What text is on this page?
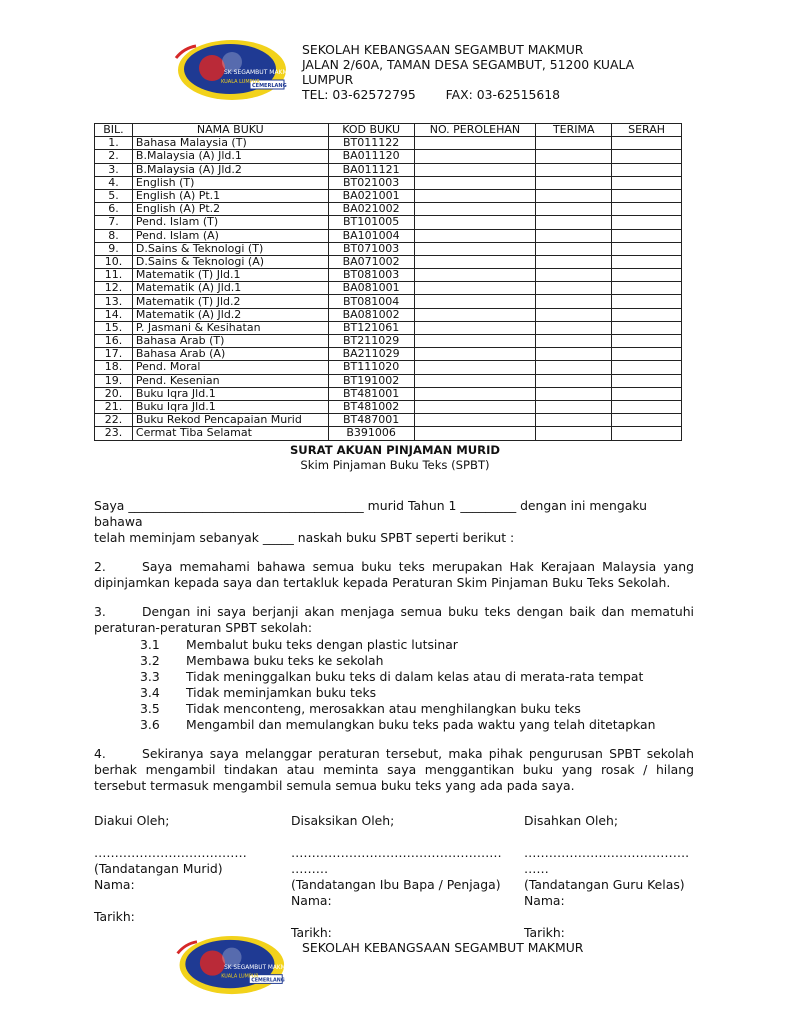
SK SEGAMBUT MAKMUR
KUALA LUMPUR
CEMERLANG
SEKOLAH KEBANGSAAN SEGAMBUT MAKMUR
JALAN 2/60A, TAMAN DESA SEGAMBUT, 51200 KUALA
LUMPUR
TEL: 03-62572795 FAX: 03-62515618
BIL.	NAMA BUKU	KOD BUKU	NO. PEROLEHAN	TERIMA	SERAH
1.	Bahasa Malaysia (T)	BT011122			
2.	B.Malaysia (A) Jld.1	BA011120			
3.	B.Malaysia (A) Jld.2	BA011121			
4.	English (T)	BT021003			
5.	English (A) Pt.1	BA021001			
6.	English (A) Pt.2	BA021002			
7.	Pend. Islam (T)	BT101005			
8.	Pend. Islam (A)	BA101004			
9.	D.Sains & Teknologi (T)	BT071003			
10.	D.Sains & Teknologi (A)	BA071002			
11.	Matematik (T) Jld.1	BT081003			
12.	Matematik (A) Jld.1	BA081001			
13.	Matematik (T) Jld.2	BT081004			
14.	Matematik (A) Jld.2	BA081002			
15.	P. Jasmani & Kesihatan	BT121061			
16.	Bahasa Arab (T)	BT211029			
17.	Bahasa Arab (A)	BA211029			
18.	Pend. Moral	BT111020			
19.	Pend. Kesenian	BT191002			
20.	Buku Iqra Jld.1	BT481001			
21.	Buku Iqra Jld.1	BT481002			
22.	Buku Rekod Pencapaian Murid	BT487001			
23.	Cermat Tiba Selamat	B391006			
SURAT AKUAN PINJAMAN MURID
Skim Pinjaman Buku Teks (SPBT)
Saya ______________________________________ murid Tahun 1 _________ dengan ini mengaku bahawa
telah meminjam sebanyak _____ naskah buku SPBT seperti berikut :
2.	Saya memahami bahawa semua buku teks merupakan Hak Kerajaan Malaysia yang dipinjamkan kepada saya dan tertakluk kepada Peraturan Skim Pinjaman Buku Teks Sekolah.
3.	Dengan ini saya berjanji akan menjaga semua buku teks dengan baik dan mematuhi peraturan-peraturan SPBT sekolah:
3.1 Membalut buku teks dengan plastic lutsinar
3.2 Membawa buku teks ke sekolah
3.3 Tidak meninggalkan buku teks di dalam kelas atau di merata-rata tempat
3.4 Tidak meminjamkan buku teks
3.5 Tidak menconteng, merosakkan atau menghilangkan buku teks
3.6 Mengambil dan memulangkan buku teks pada waktu yang telah ditetapkan
4.	Sekiranya saya melanggar peraturan tersebut, maka pihak pengurusan SPBT sekolah berhak mengambil tindakan atau meminta saya menggantikan buku yang rosak / hilang tersebut termasuk mengambil semula semua buku teks yang ada pada saya.
Diakui Oleh;
……………………………….
(Tandatangan Murid)
Nama:
Tarikh:
Disaksikan Oleh;
……………………………………………
………
(Tandatangan Ibu Bapa / Penjaga)
Nama:
Tarikh:
Disahkan Oleh;
………………………………….
……
(Tandatangan Guru Kelas)
Nama:
Tarikh:
SK SEGAMBUT MAKMUR
KUALA LUMPUR
CEMERLANG
SEKOLAH KEBANGSAAN SEGAMBUT MAKMUR
